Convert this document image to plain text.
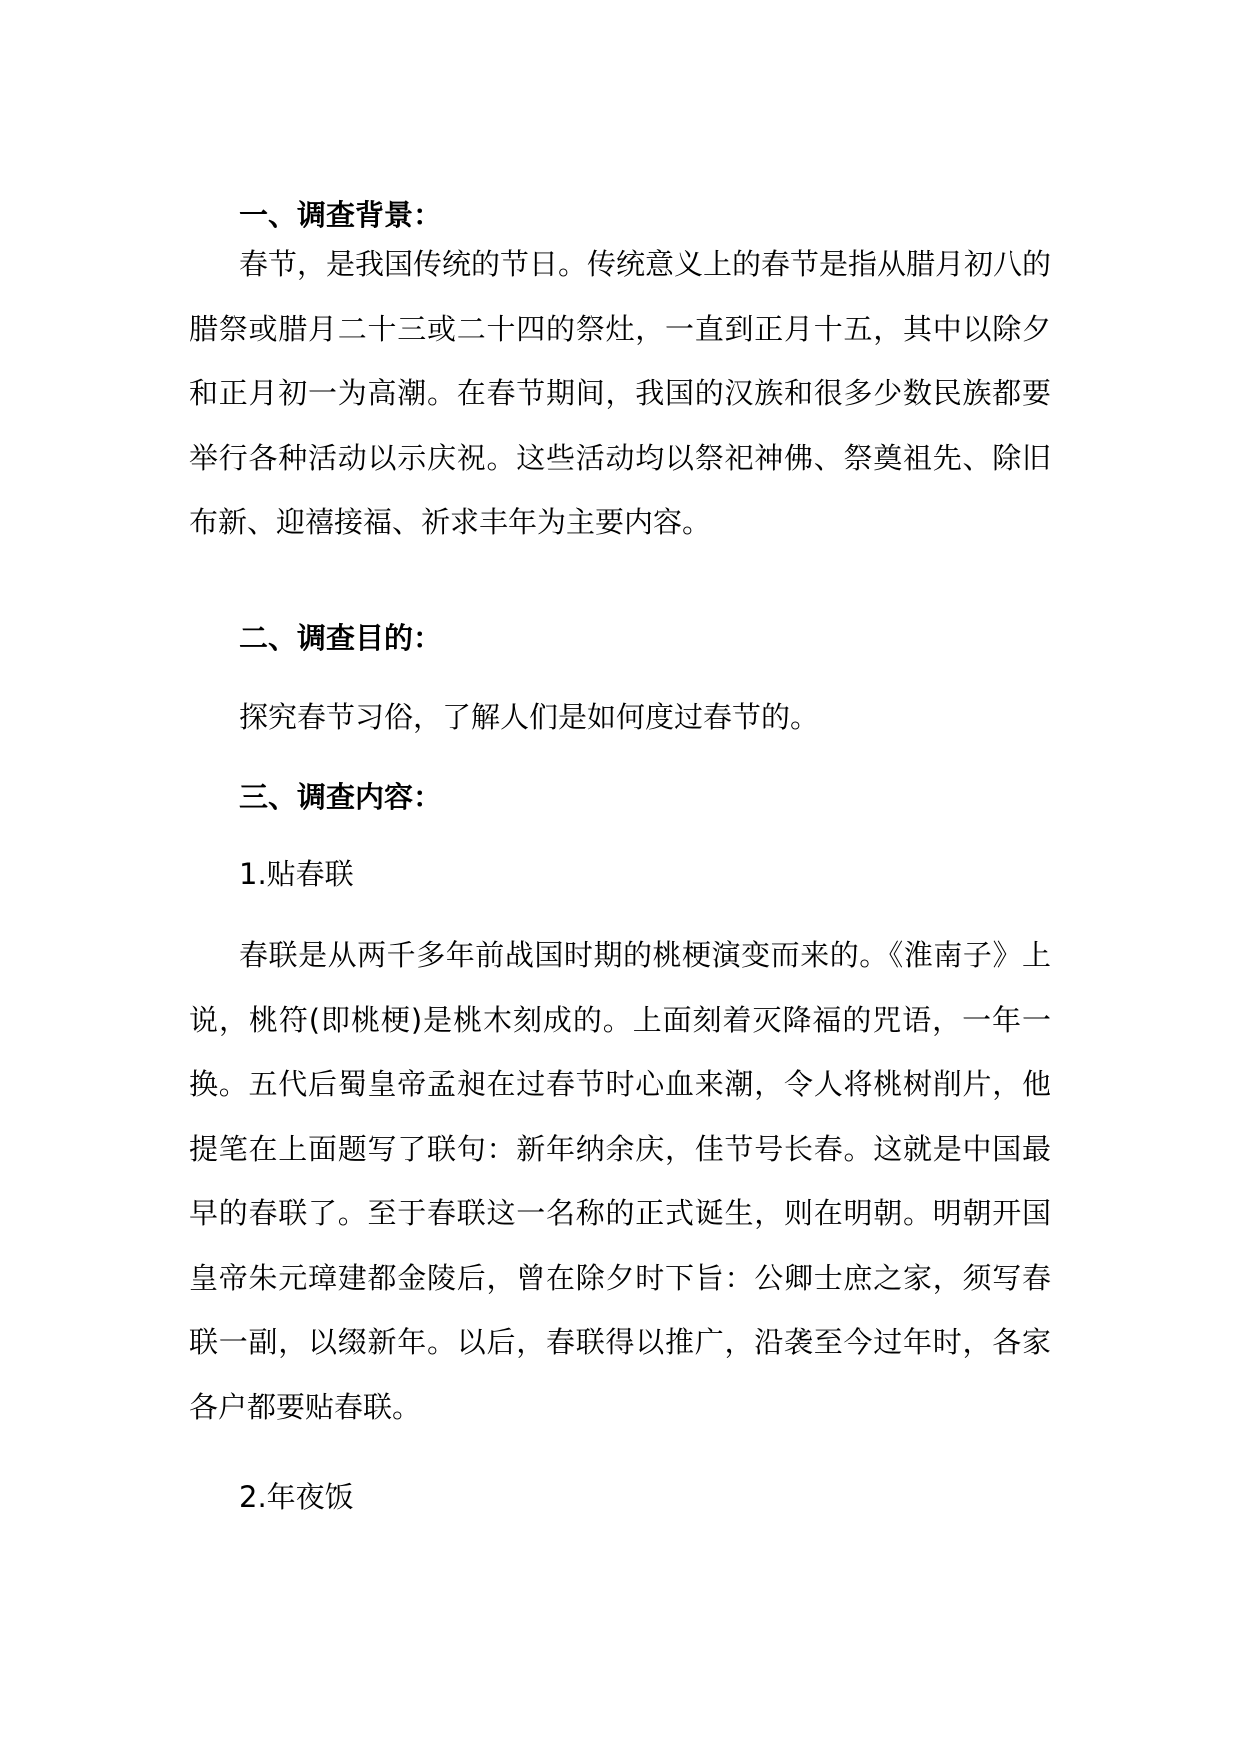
一、调查背景：

春节，是我国传统的节日。传统意义上的春节是指从腊月初八的腊祭或腊月二十三或二十四的祭灶，一直到正月十五，其中以除夕和正月初一为高潮。在春节期间，我国的汉族和很多少数民族都要举行各种活动以示庆祝。这些活动均以祭祀神佛、祭奠祖先、除旧布新、迎禧接福、祈求丰年为主要内容。

二、调查目的：
探究春节习俗，了解人们是如何度过春节的。
三、调查内容：
1.贴春联

春联是从两千多年前战国时期的桃梗演变而来的。《淮南子》上说，桃符(即桃梗)是桃木刻成的。上面刻着灭降福的咒语，一年一换。五代后蜀皇帝孟昶在过春节时心血来潮，令人将桃树削片，他提笔在上面题写了联句：新年纳余庆，佳节号长春。这就是中国最早的春联了。至于春联这一名称的正式诞生，则在明朝。明朝开国皇帝朱元璋建都金陵后，曾在除夕时下旨：公卿士庶之家，须写春联一副，以缀新年。以后，春联得以推广，沿袭至今过年时，各家各户都要贴春联。

2.年夜饭
